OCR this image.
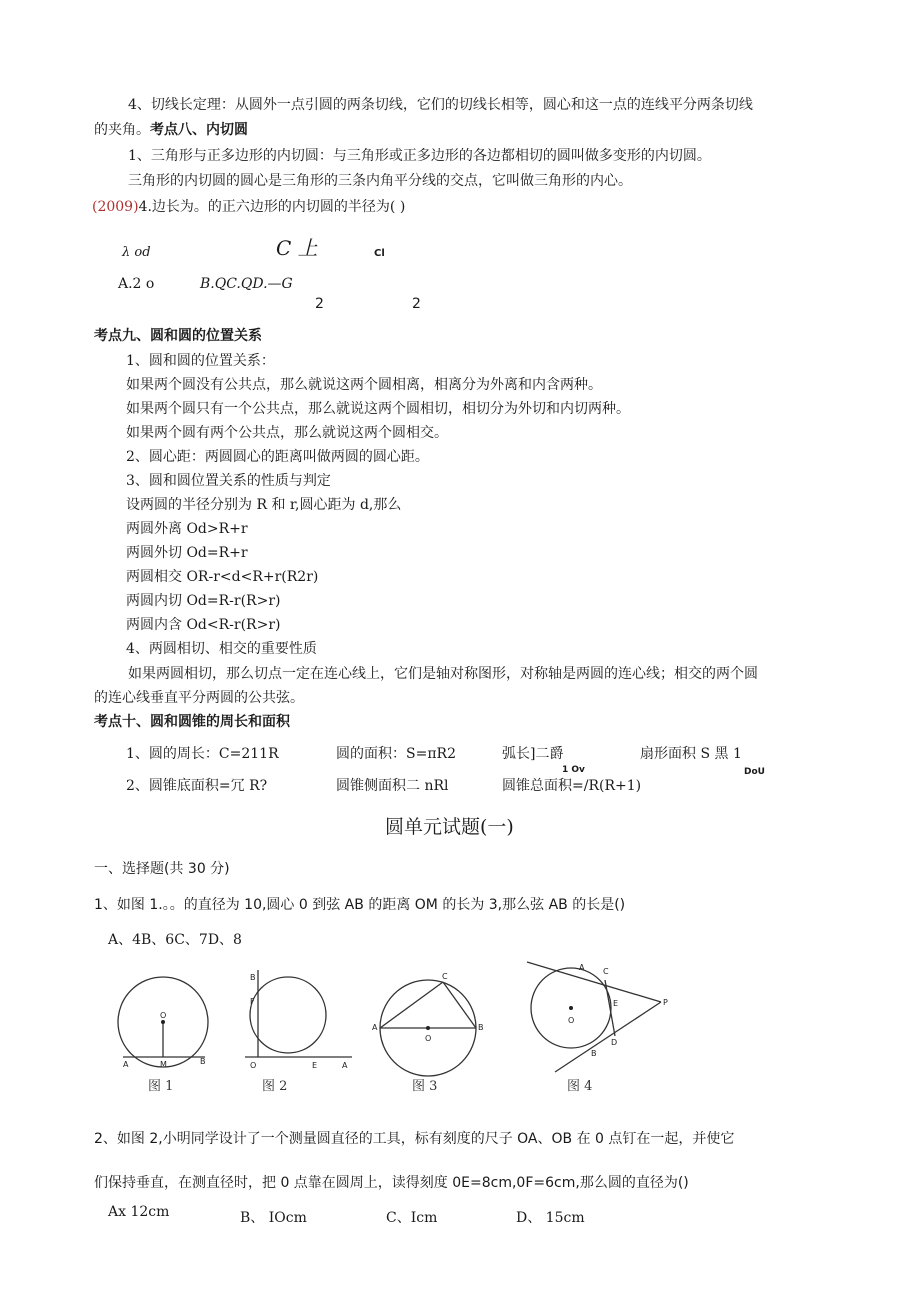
4、切线长定理：从圆外一点引圆的两条切线，它们的切线长相等，圆心和这一点的连线平分两条切线
的夹角。考点八、内切圆
1、三角形与正多边形的内切圆：与三角形或正多边形的各边都相切的圆叫做多变形的内切圆。
三角形的内切圆的圆心是三角形的三条内角平分线的交点，它叫做三角形的内心。
(2009)4.边长为。的正六边形的内切圆的半径为( )
λ od	C 上	Cl
A.2 ο	B.QC.QD.—G
2	2
考点九、圆和圆的位置关系
1、圆和圆的位置关系：
如果两个圆没有公共点，那么就说这两个圆相离，相离分为外离和内含两种。
如果两个圆只有一个公共点，那么就说这两个圆相切，相切分为外切和内切两种。
如果两个圆有两个公共点，那么就说这两个圆相交。
2、圆心距：两圆圆心的距离叫做两圆的圆心距。
3、圆和圆位置关系的性质与判定
设两圆的半径分别为 R 和 r,圆心距为 d,那么
两圆外离 Od>R+r
两圆外切 Od=R+r
两圆相交 OR-r<d<R+r(R2r)
两圆内切 Od=R-r(R>r)
两圆内含 Od<R-r(R>r)
4、两圆相切、相交的重要性质
如果两圆相切，那么切点一定在连心线上，它们是轴对称图形，对称轴是两圆的连心线；相交的两个圆
的连心线垂直平分两圆的公共弦。
考点十、圆和圆锥的周长和面积
1、圆的周长：C=211R	圆的面积：S=πR2	弧长]二爵	扇形面积 S 黑 1
1 Ov	DoU
2、圆锥底面积=冗 R?	圆锥侧面积二 nRl	圆锥总面积=/R(R+1)
圆单元试题(一)
一、选择题(共 30 分)
1、如图 1.。。的直径为 10,圆心 0 到弦 AB 的距离 OM 的长为 3,那么弦 AB 的长是()
A、4B、6C、7D、8
O
A	M	B
图 1
B
F
O	E	A
图 2
C
A
O
B
图 3
A C
E	P
O
D
B
图 4
2、如图 2,小明同学设计了一个测量圆直径的工具，标有刻度的尺子 OA、OB 在 0 点钉在一起，并使它
们保持垂直，在测直径时，把 0 点靠在圆周上，读得刻度 0E=8cm,0F=6cm,那么圆的直径为()
Ax 12cm	B、 IOcm	C、Icm	D、 15cm
